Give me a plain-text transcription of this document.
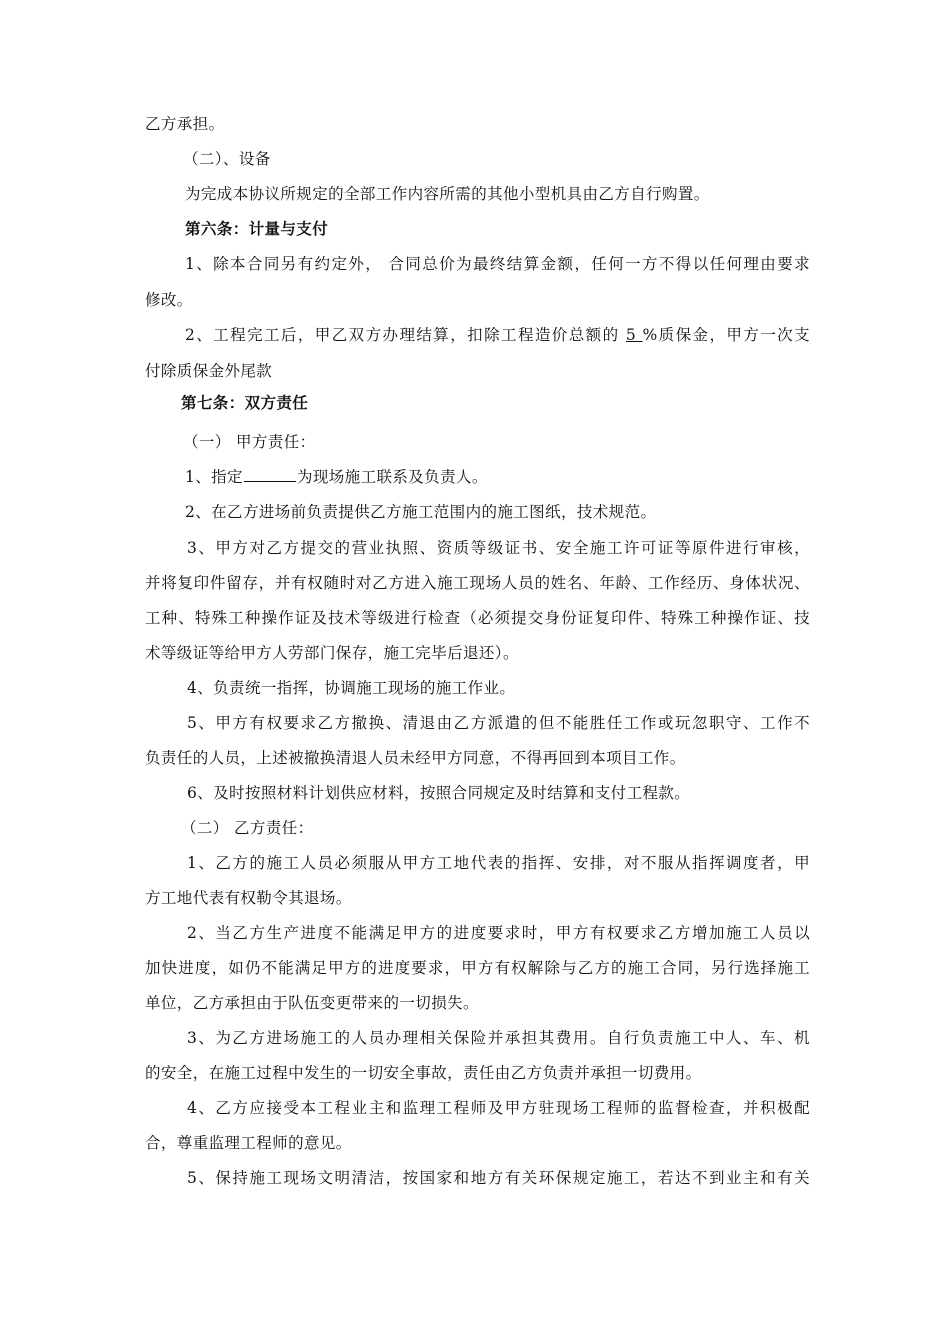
乙方承担。
（二）、设备
为完成本协议所规定的全部工作内容所需的其他小型机具由乙方自行购置。
第六条：计量与支付
1、除本合同另有约定外， 合同总价为最终结算金额，任何一方不得以任何理由要求
修改。
2、工程完工后，甲乙双方办理结算，扣除工程造价总额的 5 %质保金，甲方一次支
付除质保金外尾款
第七条：双方责任
（一） 甲方责任：
1、指定	为现场施工联系及负责人。
2、在乙方进场前负责提供乙方施工范围内的施工图纸，技术规范。
3、甲方对乙方提交的营业执照、资质等级证书、安全施工许可证等原件进行审核，
并将复印件留存，并有权随时对乙方进入施工现场人员的姓名、年龄、工作经历、身体状况、
工种、特殊工种操作证及技术等级进行检查（必须提交身份证复印件、特殊工种操作证、技
术等级证等给甲方人劳部门保存，施工完毕后退还）。
4、负责统一指挥，协调施工现场的施工作业。
5、甲方有权要求乙方撤换、清退由乙方派遣的但不能胜任工作或玩忽职守、工作不
负责任的人员，上述被撤换清退人员未经甲方同意，不得再回到本项目工作。
6、及时按照材料计划供应材料，按照合同规定及时结算和支付工程款。
（二） 乙方责任：
1、乙方的施工人员必须服从甲方工地代表的指挥、安排，对不服从指挥调度者，甲
方工地代表有权勒令其退场。
2、当乙方生产进度不能满足甲方的进度要求时，甲方有权要求乙方增加施工人员以
加快进度，如仍不能满足甲方的进度要求，甲方有权解除与乙方的施工合同，另行选择施工
单位，乙方承担由于队伍变更带来的一切损失。
3、为乙方进场施工的人员办理相关保险并承担其费用。自行负责施工中人、车、机
的安全，在施工过程中发生的一切安全事故，责任由乙方负责并承担一切费用。
4、乙方应接受本工程业主和监理工程师及甲方驻现场工程师的监督检查，并积极配
合，尊重监理工程师的意见。
5、保持施工现场文明清洁，按国家和地方有关环保规定施工，若达不到业主和有关
